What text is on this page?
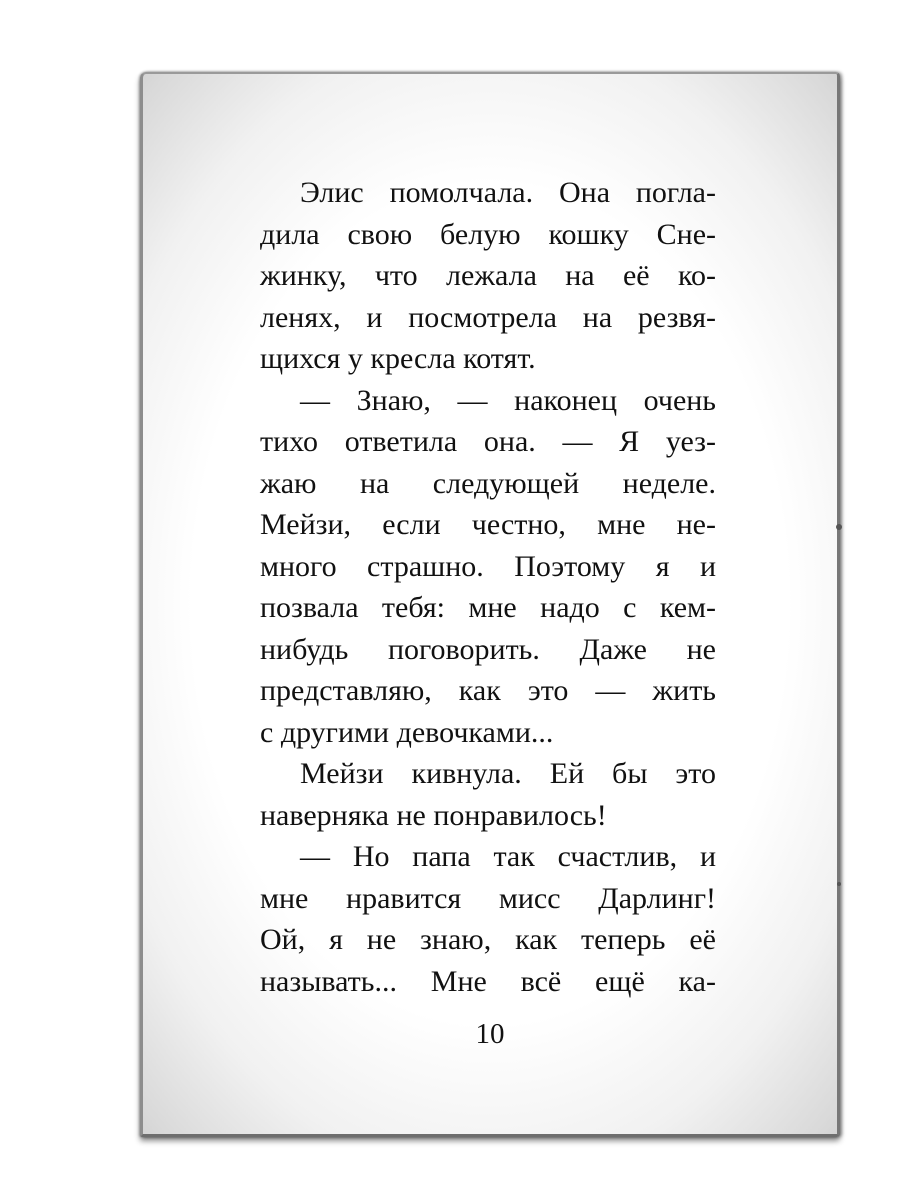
Элис помолчала. Она погла-
дила свою белую кошку Сне-
жинку, что лежала на её ко-
ленях, и посмотрела на резвя-
щихся у кресла котят.
— Знаю, — наконец очень
тихо ответила она. — Я уез-
жаю на следующей неделе.
Мейзи, если честно, мне не-
много страшно. Поэтому я и
позвала тебя: мне надо с кем-
нибудь поговорить. Даже не
представляю, как это — жить
с другими девочками...
Мейзи кивнула. Ей бы это
наверняка не понравилось!
— Но папа так счастлив, и
мне нравится мисс Дарлинг!
Ой, я не знаю, как теперь её
называть... Мне всё ещё ка-
10
